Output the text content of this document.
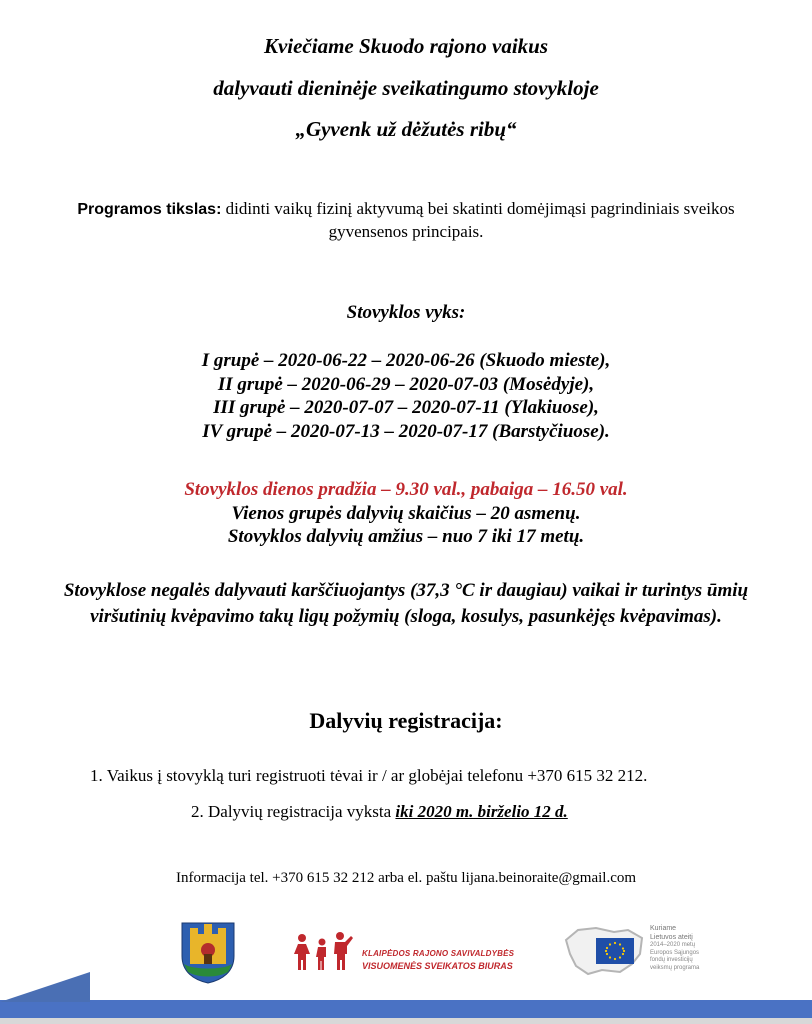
Kviečiame Skuodo rajono vaikus
dalyvauti dieninėje sveikatingumo stovykloje
„Gyvenk už dėžutės ribų“
Programos tikslas: didinti vaikų fizinį aktyvumą bei skatinti domėjimąsi pagrindiniais sveikos gyvensenos principais.
Stovyklos vyks:
I grupė – 2020-06-22 – 2020-06-26 (Skuodo mieste),
II grupė – 2020-06-29 – 2020-07-03 (Mosėdyje),
III grupė – 2020-07-07 – 2020-07-11 (Ylakiuose),
IV grupė – 2020-07-13 – 2020-07-17 (Barstyčiuose).
Stovyklos dienos pradžia – 9.30 val., pabaiga – 16.50 val.
Vienos grupės dalyvių skaičius – 20 asmenų.
Stovyklos dalyvių amžius – nuo 7 iki 17 metų.
Stovyklose negalės dalyvauti karščiuojantys (37,3 °C ir daugiau) vaikai ir turintys ūmių viršutinių kvėpavimo takų ligų požymių (sloga, kosulys, pasunkėjęs kvėpavimas).
Dalyvių registracija:
1. Vaikus į stovyklą turi registruoti tėvai ir / ar globėjai telefonu +370 615 32 212.
2. Dalyvių registracija vyksta iki 2020 m. birželio 12 d.
Informacija tel. +370 615 32 212 arba el. paštu lijana.beinoraite@gmail.com
KLAIPĖDOS RAJONO SAVIVALDYBĖS
VISUOMENĖS SVEIKATOS BIURAS
Kuriame
Lietuvos ateitį
2014–2020 metų
Europos Sąjungos
fondų investicijų
veiksmų programa
